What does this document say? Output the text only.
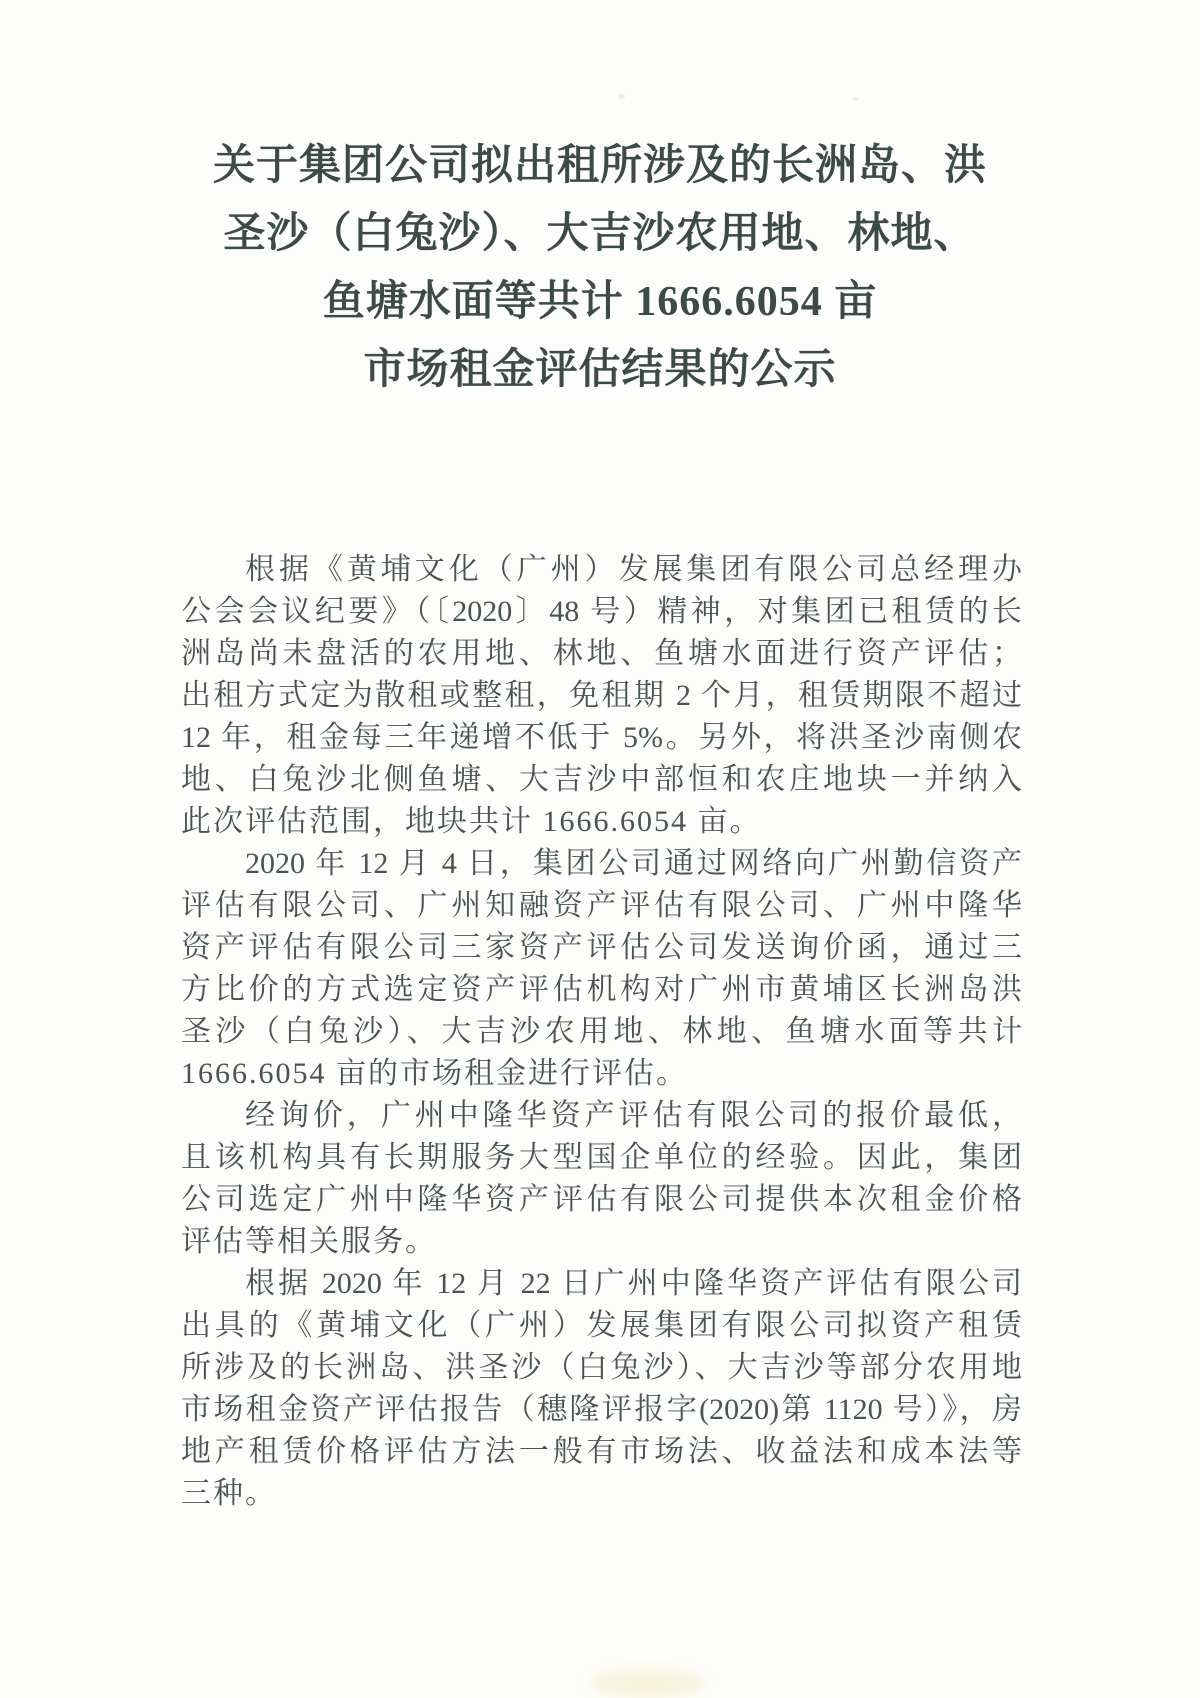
关于集团公司拟出租所涉及的长洲岛、洪
圣沙（白兔沙）、大吉沙农用地、林地、
鱼塘水面等共计 1666.6054 亩
市场租金评估结果的公示
根据《黄埔文化（广州）发展集团有限公司总经理办
公会会议纪要》（〔2020〕48 号）精神，对集团已租赁的长
洲岛尚未盘活的农用地、林地、鱼塘水面进行资产评估；
出租方式定为散租或整租，免租期 2 个月，租赁期限不超过
12 年，租金每三年递增不低于 5%。另外，将洪圣沙南侧农
地、白兔沙北侧鱼塘、大吉沙中部恒和农庄地块一并纳入
此次评估范围，地块共计 1666.6054 亩。
2020 年 12 月 4 日，集团公司通过网络向广州勤信资产
评估有限公司、广州知融资产评估有限公司、广州中隆华
资产评估有限公司三家资产评估公司发送询价函，通过三
方比价的方式选定资产评估机构对广州市黄埔区长洲岛洪
圣沙（白兔沙）、大吉沙农用地、林地、鱼塘水面等共计
1666.6054 亩的市场租金进行评估。
经询价，广州中隆华资产评估有限公司的报价最低，
且该机构具有长期服务大型国企单位的经验。因此，集团
公司选定广州中隆华资产评估有限公司提供本次租金价格
评估等相关服务。
根据 2020 年 12 月 22 日广州中隆华资产评估有限公司
出具的《黄埔文化（广州）发展集团有限公司拟资产租赁
所涉及的长洲岛、洪圣沙（白兔沙）、大吉沙等部分农用地
市场租金资产评估报告（穗隆评报字(2020)第 1120 号）》，房
地产租赁价格评估方法一般有市场法、收益法和成本法等
三种。
